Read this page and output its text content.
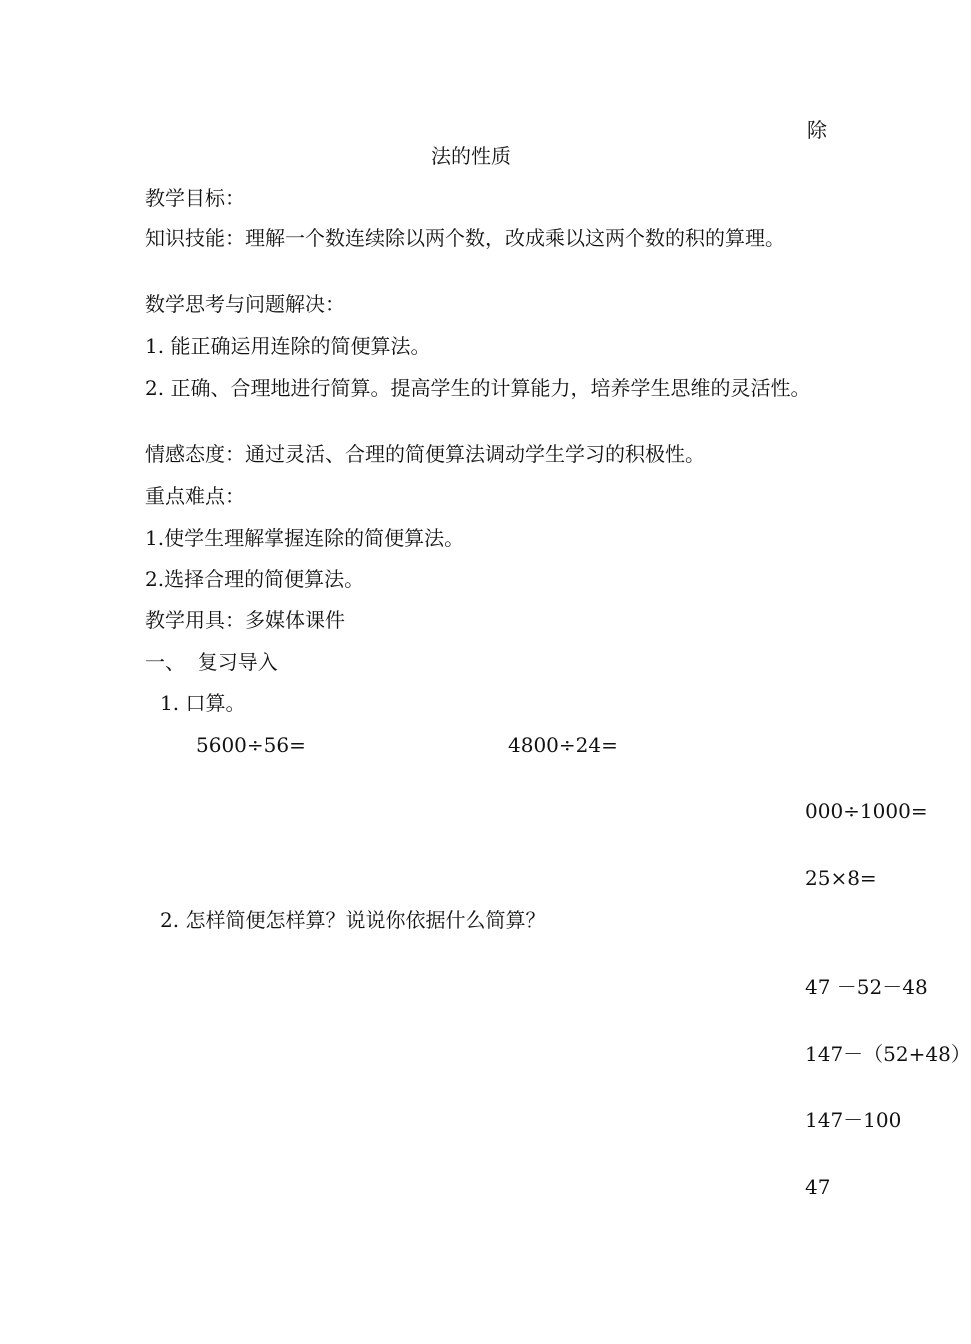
除
法的性质
教学目标：
知识技能：理解一个数连续除以两个数，改成乘以这两个数的积的算理。
数学思考与问题解决：
1. 能正确运用连除的简便算法。
2. 正确、合理地进行简算。提高学生的计算能力，培养学生思维的灵活性。
情感态度：通过灵活、合理的简便算法调动学生学习的积极性。
重点难点：
1.使学生理解掌握连除的简便算法。
2.选择合理的简便算法。
教学用具：多媒体课件
一、  复习导入
1. 口算。
5600÷56=	4800÷24=
000÷1000=
25×8=
2. 怎样简便怎样算？说说你依据什么简算？
47 －52－48
147－（52+48）
147－100
47
